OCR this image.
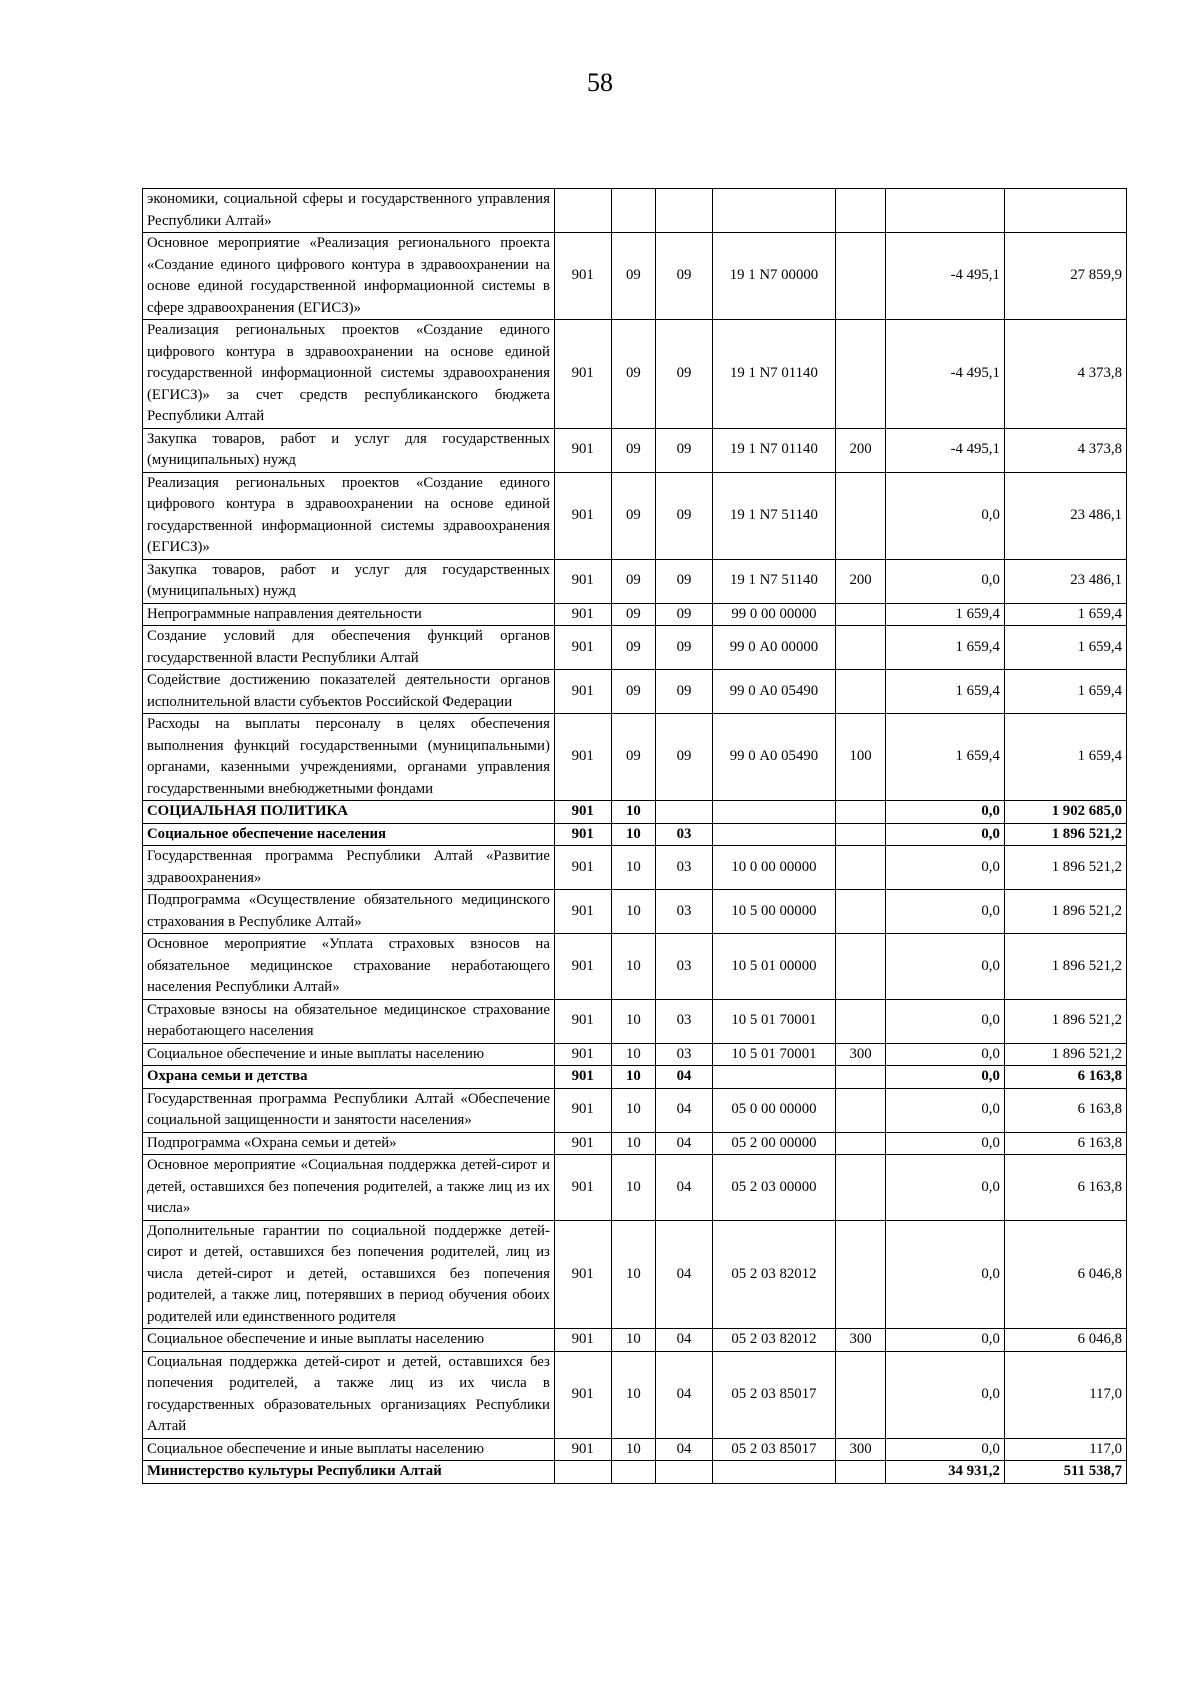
58
экономики, социальной сферы и государственного управления Республики Алтай»							
Основное мероприятие «Реализация регионального проекта «Создание единого цифрового контура в здравоохранении на основе единой государственной информационной системы в сфере здравоохранения (ЕГИСЗ)»	901	09	09	19 1 N7 00000		-4 495,1	27 859,9
Реализация региональных проектов «Создание единого цифрового контура в здравоохранении на основе единой государственной информационной системы здравоохранения (ЕГИСЗ)» за счет средств республиканского бюджета Республики Алтай	901	09	09	19 1 N7 01140		-4 495,1	4 373,8
Закупка товаров, работ и услуг для государственных (муниципальных) нужд	901	09	09	19 1 N7 01140	200	-4 495,1	4 373,8
Реализация региональных проектов «Создание единого цифрового контура в здравоохранении на основе единой государственной информационной системы здравоохранения (ЕГИСЗ)»	901	09	09	19 1 N7 51140		0,0	23 486,1
Закупка товаров, работ и услуг для государственных (муниципальных) нужд	901	09	09	19 1 N7 51140	200	0,0	23 486,1
Непрограммные направления деятельности	901	09	09	99 0 00 00000		1 659,4	1 659,4
Создание условий для обеспечения функций органов государственной власти Республики Алтай	901	09	09	99 0 А0 00000		1 659,4	1 659,4
Содействие достижению показателей деятельности органов исполнительной власти субъектов Российской Федерации	901	09	09	99 0 А0 05490		1 659,4	1 659,4
Расходы на выплаты персоналу в целях обеспечения выполнения функций государственными (муниципальными) органами, казенными учреждениями, органами управления государственными внебюджетными фондами	901	09	09	99 0 А0 05490	100	1 659,4	1 659,4
СОЦИАЛЬНАЯ ПОЛИТИКА	901	10				0,0	1 902 685,0
Социальное обеспечение населения	901	10	03			0,0	1 896 521,2
Государственная программа Республики Алтай «Развитие здравоохранения»	901	10	03	10 0 00 00000		0,0	1 896 521,2
Подпрограмма «Осуществление обязательного медицинского страхования в Республике Алтай»	901	10	03	10 5 00 00000		0,0	1 896 521,2
Основное мероприятие «Уплата страховых взносов на обязательное медицинское страхование неработающего населения Республики Алтай»	901	10	03	10 5 01 00000		0,0	1 896 521,2
Страховые взносы на обязательное медицинское страхование неработающего населения	901	10	03	10 5 01 70001		0,0	1 896 521,2
Социальное обеспечение и иные выплаты населению	901	10	03	10 5 01 70001	300	0,0	1 896 521,2
Охрана семьи и детства	901	10	04			0,0	6 163,8
Государственная программа Республики Алтай «Обеспечение социальной защищенности и занятости населения»	901	10	04	05 0 00 00000		0,0	6 163,8
Подпрограмма «Охрана семьи и детей»	901	10	04	05 2 00 00000		0,0	6 163,8
Основное мероприятие «Социальная поддержка детей-сирот и детей, оставшихся без попечения родителей, а также лиц из их числа»	901	10	04	05 2 03 00000		0,0	6 163,8
Дополнительные гарантии по социальной поддержке детей-сирот и детей, оставшихся без попечения родителей, лиц из числа детей-сирот и детей, оставшихся без попечения родителей, а также лиц, потерявших в период обучения обоих родителей или единственного родителя	901	10	04	05 2 03 82012		0,0	6 046,8
Социальное обеспечение и иные выплаты населению	901	10	04	05 2 03 82012	300	0,0	6 046,8
Социальная поддержка детей-сирот и детей, оставшихся без попечения родителей, а также лиц из их числа в государственных образовательных организациях Республики Алтай	901	10	04	05 2 03 85017		0,0	117,0
Социальное обеспечение и иные выплаты населению	901	10	04	05 2 03 85017	300	0,0	117,0
Министерство культуры Республики Алтай						34 931,2	511 538,7
